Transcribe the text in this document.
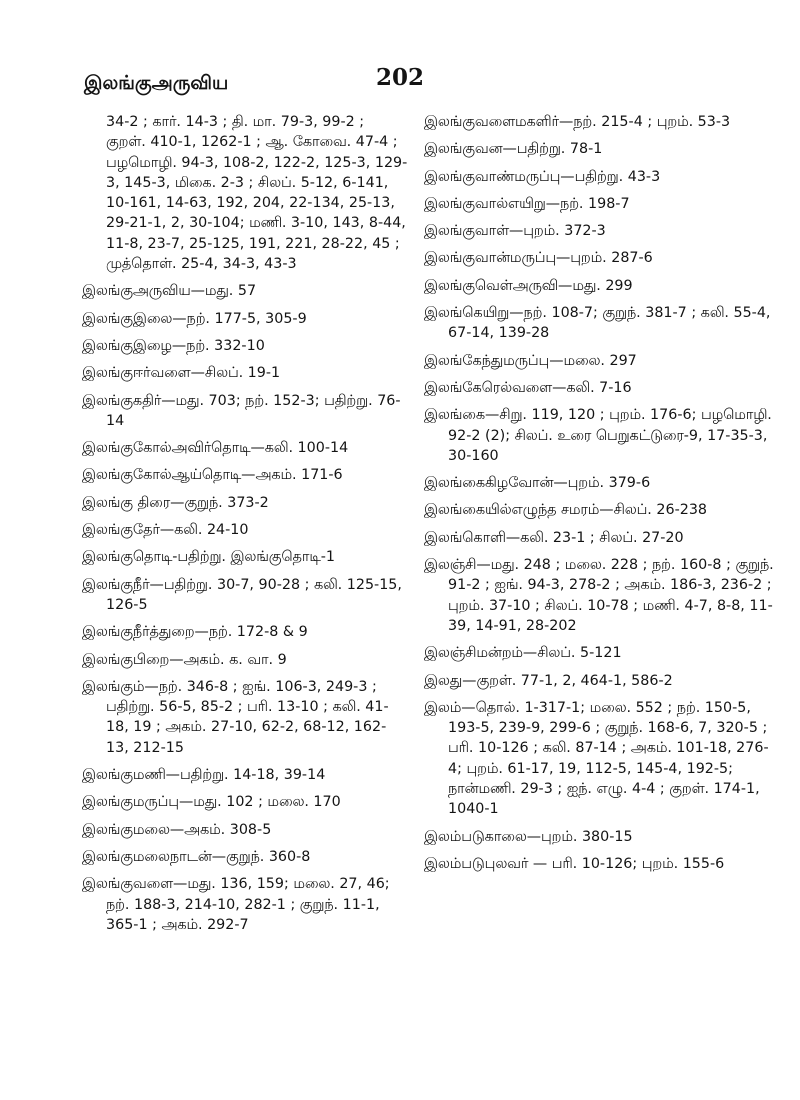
இலங்குஅருவிய	202
34-2 ; கார். 14-3 ; தி. மா. 79-3, 99-2 ; குறள். 410-1, 1262-1 ; ஆ. கோவை. 47-4 ; பழமொழி. 94-3, 108-2, 122-2, 125-3, 129-3, 145-3, மிகை. 2-3 ; சிலப். 5-12, 6-141, 10-161, 14-63, 192, 204, 22-134, 25-13, 29-21-1, 2, 30-104; மணி. 3-10, 143, 8-44, 11-8, 23-7, 25-125, 191, 221, 28-22, 45 ; முத்தொள். 25-4, 34-3, 43-3
இலங்குஅருவிய—மது. 57
இலங்குஇலை—நற். 177-5, 305-9
இலங்குஇழை—நற். 332-10
இலங்குஈர்வளை—சிலப். 19-1
இலங்குகதிர்—மது. 703; நற். 152-3; பதிற்று. 76-14
இலங்குகோல்அவிர்தொடி—கலி. 100-14
இலங்குகோல்ஆய்தொடி—அகம். 171-6
இலங்கு திரை—குறுந். 373-2
இலங்குதேர்—கலி. 24-10
இலங்குதொடி-பதிற்று. இலங்குதொடி-1
இலங்குநீர்—பதிற்று. 30-7, 90-28 ; கலி. 125-15, 126-5
இலங்குநீர்த்துறை—நற். 172-8 & 9
இலங்குபிறை—அகம். க. வா. 9
இலங்கும்—நற். 346-8 ; ஐங். 106-3, 249-3 ; பதிற்று. 56-5, 85-2 ; பரி. 13-10 ; கலி. 41-18, 19 ; அகம். 27-10, 62-2, 68-12, 162-13, 212-15
இலங்குமணி—பதிற்று. 14-18, 39-14
இலங்குமருப்பு—மது. 102 ; மலை. 170
இலங்குமலை—அகம். 308-5
இலங்குமலைநாடன்—குறுந். 360-8
இலங்குவளை—மது. 136, 159; மலை. 27, 46; நற். 188-3, 214-10, 282-1 ; குறுந். 11-1, 365-1 ; அகம். 292-7
இலங்குவளைமகளிர்—நற். 215-4 ; புறம். 53-3
இலங்குவன—பதிற்று. 78-1
இலங்குவாண்மருப்பு—பதிற்று. 43-3
இலங்குவால்எயிறு—நற். 198-7
இலங்குவாள்—புறம். 372-3
இலங்குவான்மருப்பு—புறம். 287-6
இலங்குவெள்அருவி—மது. 299
இலங்கெயிறு—நற். 108-7; குறுந். 381-7 ; கலி. 55-4, 67-14, 139-28
இலங்கேந்துமருப்பு—மலை. 297
இலங்கேரெல்வளை—கலி. 7-16
இலங்கை—சிறு. 119, 120 ; புறம். 176-6; பழமொழி. 92-2 (2); சிலப். உரை பெறுகட்டுரை-9, 17-35-3, 30-160
இலங்கைகிழவோன்—புறம். 379-6
இலங்கையில்எழுந்த சமரம்—சிலப். 26-238
இலங்கொளி—கலி. 23-1 ; சிலப். 27-20
இலஞ்சி—மது. 248 ; மலை. 228 ; நற். 160-8 ; குறுந். 91-2 ; ஐங். 94-3, 278-2 ; அகம். 186-3, 236-2 ; புறம். 37-10 ; சிலப். 10-78 ; மணி. 4-7, 8-8, 11-39, 14-91, 28-202
இலஞ்சிமன்றம்—சிலப். 5-121
இலது—குறள். 77-1, 2, 464-1, 586-2
இலம்—தொல். 1-317-1; மலை. 552 ; நற். 150-5, 193-5, 239-9, 299-6 ; குறுந். 168-6, 7, 320-5 ; பரி. 10-126 ; கலி. 87-14 ; அகம். 101-18, 276-4; புறம். 61-17, 19, 112-5, 145-4, 192-5; நான்மணி. 29-3 ; ஐந். எழு. 4-4 ; குறள். 174-1, 1040-1
இலம்படுகாலை—புறம். 380-15
இலம்படுபுலவர் — பரி. 10-126; புறம். 155-6
